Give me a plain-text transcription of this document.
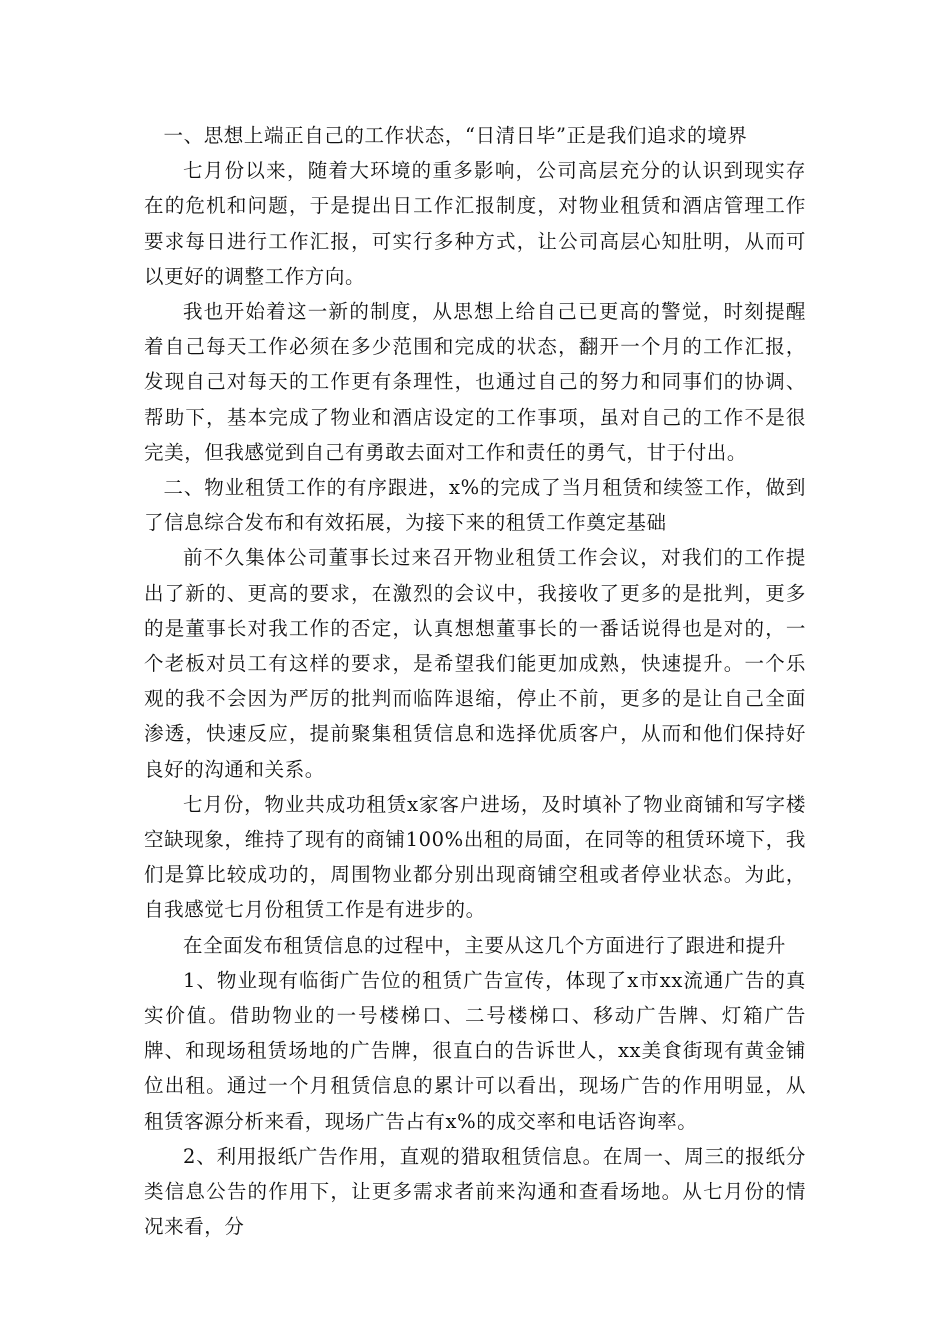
一、思想上端正自己的工作状态，“日清日毕”正是我们追求的境界

七月份以来，随着大环境的重多影响，公司高层充分的认识到现实存在的危机和问题，于是提出日工作汇报制度，对物业租赁和酒店管理工作要求每日进行工作汇报，可实行多种方式，让公司高层心知肚明，从而可以更好的调整工作方向。

我也开始着这一新的制度，从思想上给自己已更高的警觉，时刻提醒着自己每天工作必须在多少范围和完成的状态，翻开一个月的工作汇报，发现自己对每天的工作更有条理性，也通过自己的努力和同事们的协调、帮助下，基本完成了物业和酒店设定的工作事项，虽对自己的工作不是很完美，但我感觉到自己有勇敢去面对工作和责任的勇气，甘于付出。

二、物业租赁工作的有序跟进，x%的完成了当月租赁和续签工作，做到了信息综合发布和有效拓展，为接下来的租赁工作奠定基础

前不久集体公司董事长过来召开物业租赁工作会议，对我们的工作提出了新的、更高的要求，在激烈的会议中，我接收了更多的是批判，更多的是董事长对我工作的否定，认真想想董事长的一番话说得也是对的，一个老板对员工有这样的要求，是希望我们能更加成熟，快速提升。一个乐观的我不会因为严厉的批判而临阵退缩，停止不前，更多的是让自己全面渗透，快速反应，提前聚集租赁信息和选择优质客户，从而和他们保持好良好的沟通和关系。

七月份，物业共成功租赁x家客户进场，及时填补了物业商铺和写字楼空缺现象，维持了现有的商铺100%出租的局面，在同等的租赁环境下，我们是算比较成功的，周围物业都分别出现商铺空租或者停业状态。为此，自我感觉七月份租赁工作是有进步的。

在全面发布租赁信息的过程中，主要从这几个方面进行了跟进和提升

1、物业现有临街广告位的租赁广告宣传，体现了x市xx流通广告的真实价值。借助物业的一号楼梯口、二号楼梯口、移动广告牌、灯箱广告牌、和现场租赁场地的广告牌，很直白的告诉世人，xx美食街现有黄金铺位出租。通过一个月租赁信息的累计可以看出，现场广告的作用明显，从租赁客源分析来看，现场广告占有x%的成交率和电话咨询率。

2、利用报纸广告作用，直观的猎取租赁信息。在周一、周三的报纸分类信息公告的作用下，让更多需求者前来沟通和查看场地。从七月份的情况来看，分
